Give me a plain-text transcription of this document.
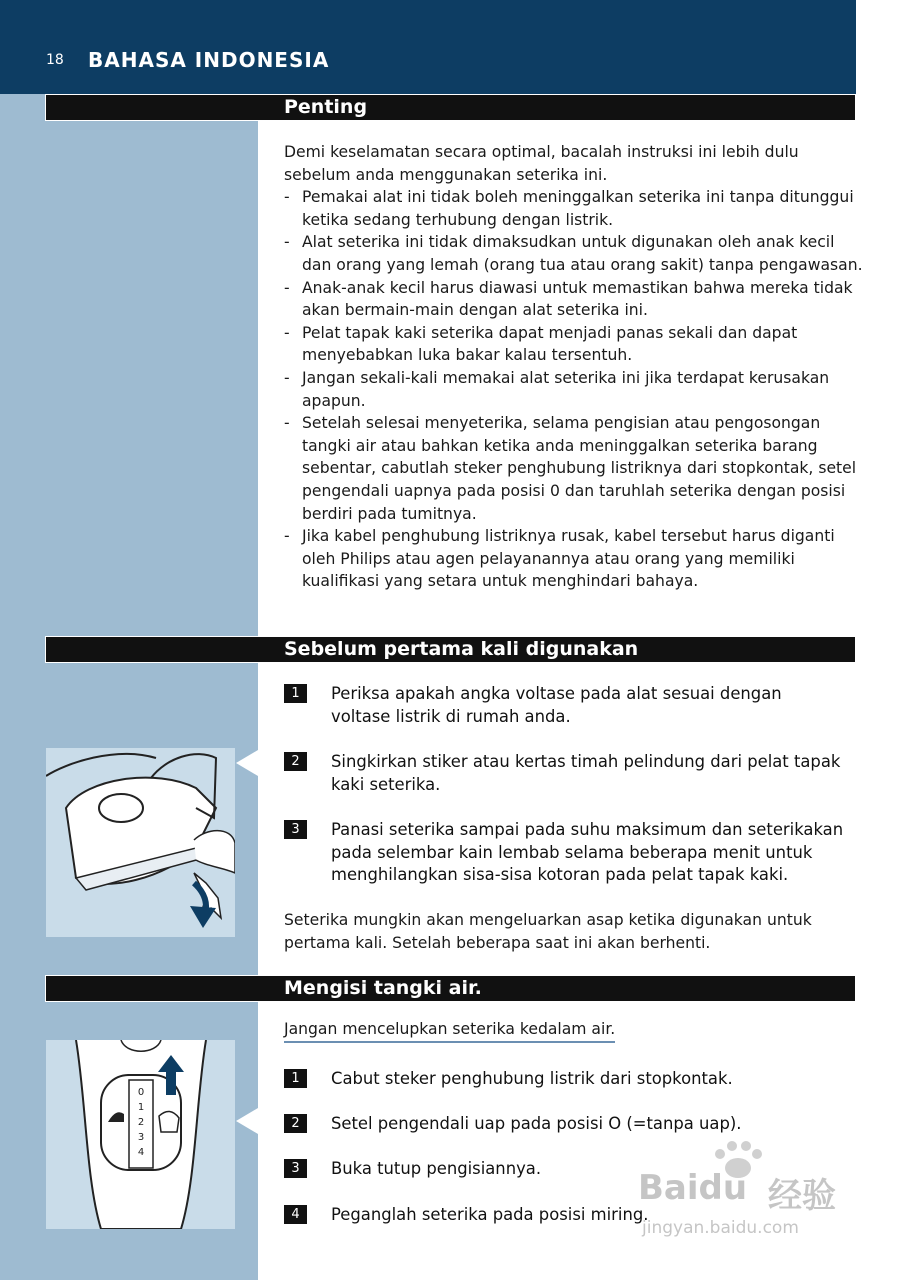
18 BAHASA INDONESIA
Penting

Demi keselamatan secara optimal, bacalah instruksi ini lebih dulu sebelum anda menggunakan seterika ini.

- Pemakai alat ini tidak boleh meninggalkan seterika ini tanpa ditunggui ketika sedang terhubung dengan listrik.
- Alat seterika ini tidak dimaksudkan untuk digunakan oleh anak kecil dan orang yang lemah (orang tua atau orang sakit) tanpa pengawasan.
- Anak-anak kecil harus diawasi untuk memastikan bahwa mereka tidak akan bermain-main dengan alat seterika ini.
- Pelat tapak kaki seterika dapat menjadi panas sekali dan dapat menyebabkan luka bakar kalau tersentuh.
- Jangan sekali-kali memakai alat seterika ini jika terdapat kerusakan apapun.
- Setelah selesai menyeterika, selama pengisian atau pengosongan tangki air atau bahkan ketika anda meninggalkan seterika barang sebentar, cabutlah steker penghubung listriknya dari stopkontak, setel pengendali uapnya pada posisi 0 dan taruhlah seterika dengan posisi berdiri pada tumitnya.
- Jika kabel penghubung listriknya rusak, kabel tersebut harus diganti oleh Philips atau agen pelayanannya atau orang yang memiliki kualifikasi yang setara untuk menghindari bahaya.
Sebelum pertama kali digunakan
1	Periksa apakah angka voltase pada alat sesuai dengan voltase listrik di rumah anda.
2	Singkirkan stiker atau kertas timah pelindung dari pelat tapak kaki seterika.
3	Panasi seterika sampai pada suhu maksimum dan seterikakan pada selembar kain lembab selama beberapa menit untuk menghilangkan sisa-sisa kotoran pada pelat tapak kaki.
Seterika mungkin akan mengeluarkan asap ketika digunakan untuk pertama kali. Setelah beberapa saat ini akan berhenti.
Mengisi tangki air.
Jangan mencelupkan seterika kedalam air.
0
1
2
3
4
1	Cabut steker penghubung listrik dari stopkontak.
2	Setel pengendali uap pada posisi O (=tanpa uap).
3	Buka tutup pengisiannya.
4	Peganglah seterika pada posisi miring.
Baidu 经验
jingyan.baidu.com
